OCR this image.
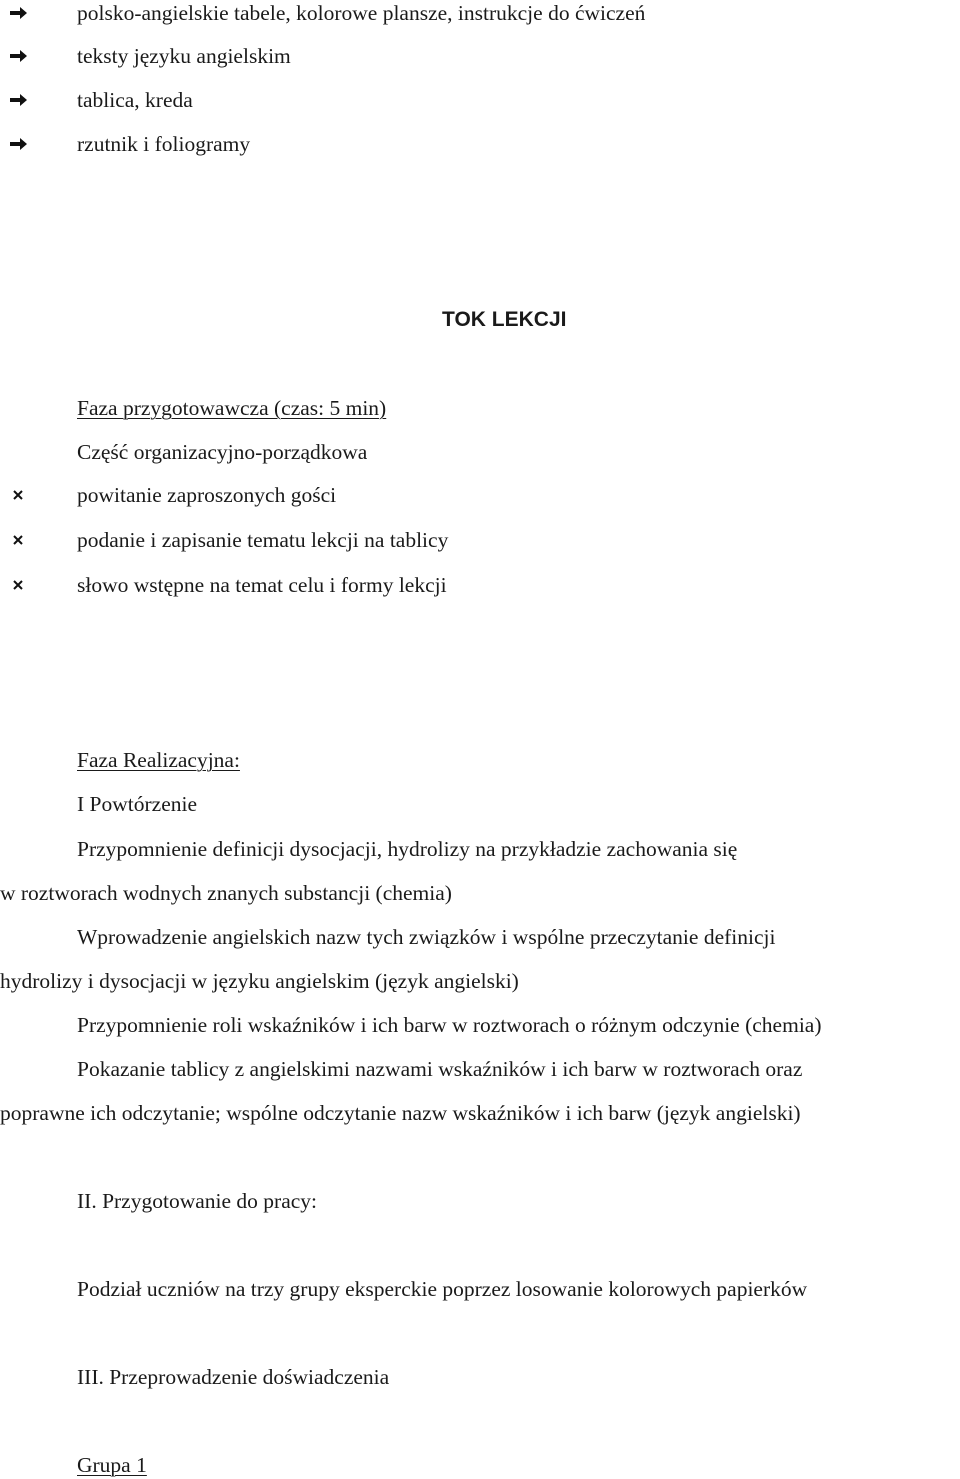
polsko-angielskie tabele, kolorowe plansze, instrukcje do ćwiczeń
teksty języku angielskim
tablica, kreda
rzutnik i foliogramy
TOK LEKCJI
Faza przygotowawcza (czas: 5 min)
Część organizacyjno-porządkowa
powitanie zaproszonych gości
podanie i zapisanie tematu lekcji na tablicy
słowo wstępne na temat celu i formy lekcji
Faza Realizacyjna:
I Powtórzenie
Przypomnienie definicji dysocjacji, hydrolizy na przykładzie zachowania się
w roztworach wodnych znanych substancji (chemia)
Wprowadzenie angielskich nazw tych związków i wspólne przeczytanie definicji
hydrolizy i dysocjacji w języku angielskim (język angielski)
Przypomnienie roli wskaźników i ich barw w roztworach o różnym odczynie (chemia)
Pokazanie tablicy z angielskimi nazwami wskaźników i ich barw w roztworach oraz
poprawne ich odczytanie; wspólne odczytanie nazw wskaźników i ich barw (język angielski)
II. Przygotowanie do pracy:
Podział uczniów na trzy grupy eksperckie poprzez losowanie kolorowych papierków
III. Przeprowadzenie doświadczenia
Grupa 1
